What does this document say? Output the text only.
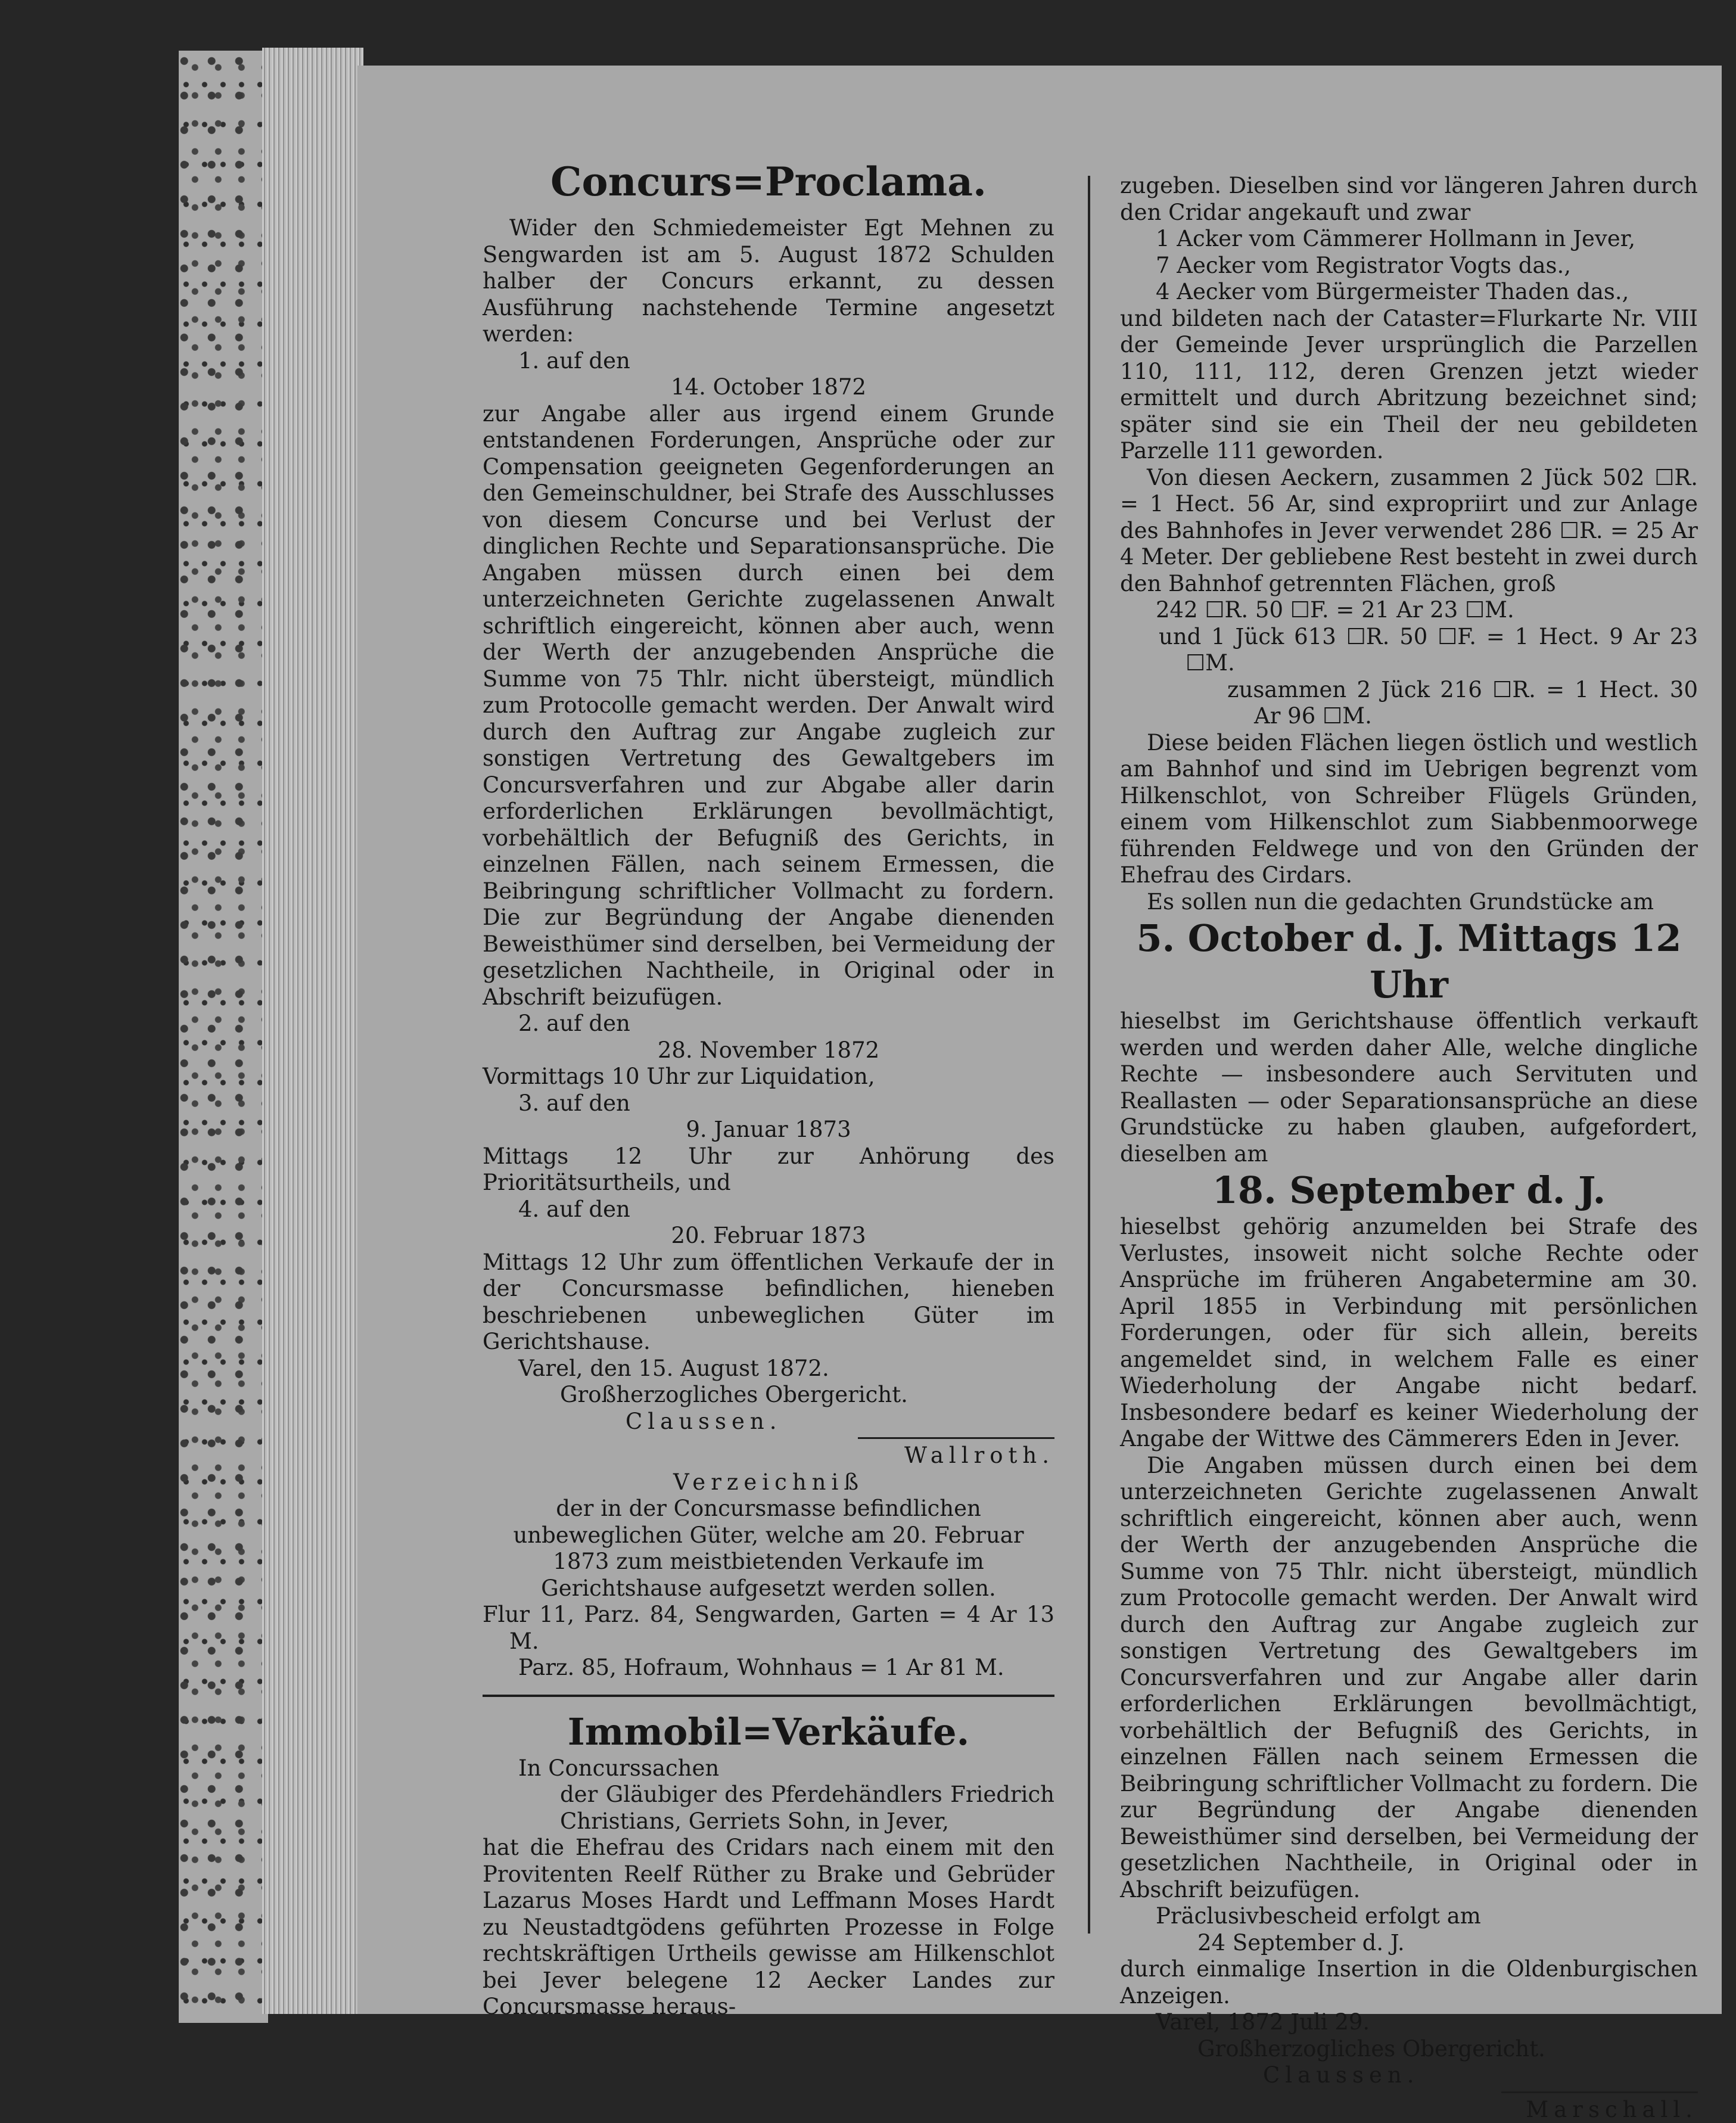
Concurs=Proclama.

Wider den Schmiedemeister Egt Mehnen zu Sengwarden ist am 5. August 1872 Schulden halber der Concurs erkannt, zu dessen Ausführung nachstehende Termine angesetzt werden:

1. auf den

14. October 1872

zur Angabe aller aus irgend einem Grunde entstandenen Forderungen, Ansprüche oder zur Compensation geeigneten Gegenforderungen an den Gemeinschuldner, bei Strafe des Ausschlusses von diesem Concurse und bei Verlust der dinglichen Rechte und Separationsansprüche. Die Angaben müssen durch einen bei dem unterzeichneten Gerichte zugelassenen Anwalt schriftlich eingereicht, können aber auch, wenn der Werth der anzugebenden Ansprüche die Summe von 75 Thlr. nicht übersteigt, mündlich zum Protocolle gemacht werden. Der Anwalt wird durch den Auftrag zur Angabe zugleich zur sonstigen Vertretung des Gewaltgebers im Concursverfahren und zur Abgabe aller darin erforderlichen Erklärungen bevollmächtigt, vorbehältlich der Befugniß des Gerichts, in einzelnen Fällen, nach seinem Ermessen, die Beibringung schriftlicher Vollmacht zu fordern. Die zur Begründung der Angabe dienenden Beweisthümer sind derselben, bei Vermeidung der gesetzlichen Nachtheile, in Original oder in Abschrift beizufügen.

2. auf den

28. November 1872

Vormittags 10 Uhr zur Liquidation,

3. auf den

9. Januar 1873

Mittags 12 Uhr zur Anhörung des Prioritätsurtheils, und

4. auf den

20. Februar 1873

Mittags 12 Uhr zum öffentlichen Verkaufe der in der Concursmasse befindlichen, hieneben beschriebenen unbeweglichen Güter im Gerichtshause.

Varel, den 15. August 1872.

Großherzogliches Obergericht.

Claussen.

Wallroth.

Verzeichniß

der in der Concursmasse befindlichen unbeweglichen Güter, welche am 20. Februar 1873 zum meistbietenden Verkaufe im Gerichtshause aufgesetzt werden sollen.

Flur 11, Parz. 84, Sengwarden, Garten = 4 Ar 13 M.

Parz. 85, Hofraum, Wohnhaus = 1 Ar 81 M.

Immobil=Verkäufe.

In Concurssachen

der Gläubiger des Pferdehändlers Friedrich Christians, Gerriets Sohn, in Jever,

hat die Ehefrau des Cridars nach einem mit den Provitenten Reelf Rüther zu Brake und Gebrüder Lazarus Moses Hardt und Leffmann Moses Hardt zu Neustadtgödens geführten Prozesse in Folge rechtskräftigen Urtheils gewisse am Hilkenschlot bei Jever belegene 12 Aecker Landes zur Concursmasse heraus-

zugeben. Dieselben sind vor längeren Jahren durch den Cridar angekauft und zwar

1 Acker vom Cämmerer Hollmann in Jever,

7 Aecker vom Registrator Vogts das.,

4 Aecker vom Bürgermeister Thaden das.,

und bildeten nach der Cataster=Flurkarte Nr. VIII der Gemeinde Jever ursprünglich die Parzellen 110, 111, 112, deren Grenzen jetzt wieder ermittelt und durch Abritzung bezeichnet sind; später sind sie ein Theil der neu gebildeten Parzelle 111 geworden.

Von diesen Aeckern, zusammen 2 Jück 502 ☐R. = 1 Hect. 56 Ar, sind expropriirt und zur Anlage des Bahnhofes in Jever verwendet 286 ☐R. = 25 Ar 4 Meter. Der gebliebene Rest besteht in zwei durch den Bahnhof getrennten Flächen, groß

242 ☐R. 50 ☐F. = 21 Ar 23 ☐M.

und 1 Jück 613 ☐R. 50 ☐F. = 1 Hect. 9 Ar 23 ☐M.

zusammen 2 Jück 216 ☐R. = 1 Hect. 30 Ar 96 ☐M.

Diese beiden Flächen liegen östlich und westlich am Bahnhof und sind im Uebrigen begrenzt vom Hilkenschlot, von Schreiber Flügels Gründen, einem vom Hilkenschlot zum Siabbenmoorwege führenden Feldwege und von den Gründen der Ehefrau des Cirdars.

Es sollen nun die gedachten Grundstücke am

5. October d. J. Mittags 12 Uhr

hieselbst im Gerichtshause öffentlich verkauft werden und werden daher Alle, welche dingliche Rechte — insbesondere auch Servituten und Reallasten — oder Separationsansprüche an diese Grundstücke zu haben glauben, aufgefordert, dieselben am

18. September d. J.

hieselbst gehörig anzumelden bei Strafe des Verlustes, insoweit nicht solche Rechte oder Ansprüche im früheren Angabetermine am 30. April 1855 in Verbindung mit persönlichen Forderungen, oder für sich allein, bereits angemeldet sind, in welchem Falle es einer Wiederholung der Angabe nicht bedarf. Insbesondere bedarf es keiner Wiederholung der Angabe der Wittwe des Cämmerers Eden in Jever.

Die Angaben müssen durch einen bei dem unterzeichneten Gerichte zugelassenen Anwalt schriftlich eingereicht, können aber auch, wenn der Werth der anzugebenden Ansprüche die Summe von 75 Thlr. nicht übersteigt, mündlich zum Protocolle gemacht werden. Der Anwalt wird durch den Auftrag zur Angabe zugleich zur sonstigen Vertretung des Gewaltgebers im Concursverfahren und zur Angabe aller darin erforderlichen Erklärungen bevollmächtigt, vorbehältlich der Befugniß des Gerichts, in einzelnen Fällen nach seinem Ermessen die Beibringung schriftlicher Vollmacht zu fordern. Die zur Begründung der Angabe dienenden Beweisthümer sind derselben, bei Vermeidung der gesetzlichen Nachtheile, in Original oder in Abschrift beizufügen.

Präclusivbescheid erfolgt am

24 September d. J.

durch einmalige Insertion in die Oldenburgischen Anzeigen.

Varel, 1872 Juli 29.

Großherzogliches Obergericht.

Claussen.

Marschall.
